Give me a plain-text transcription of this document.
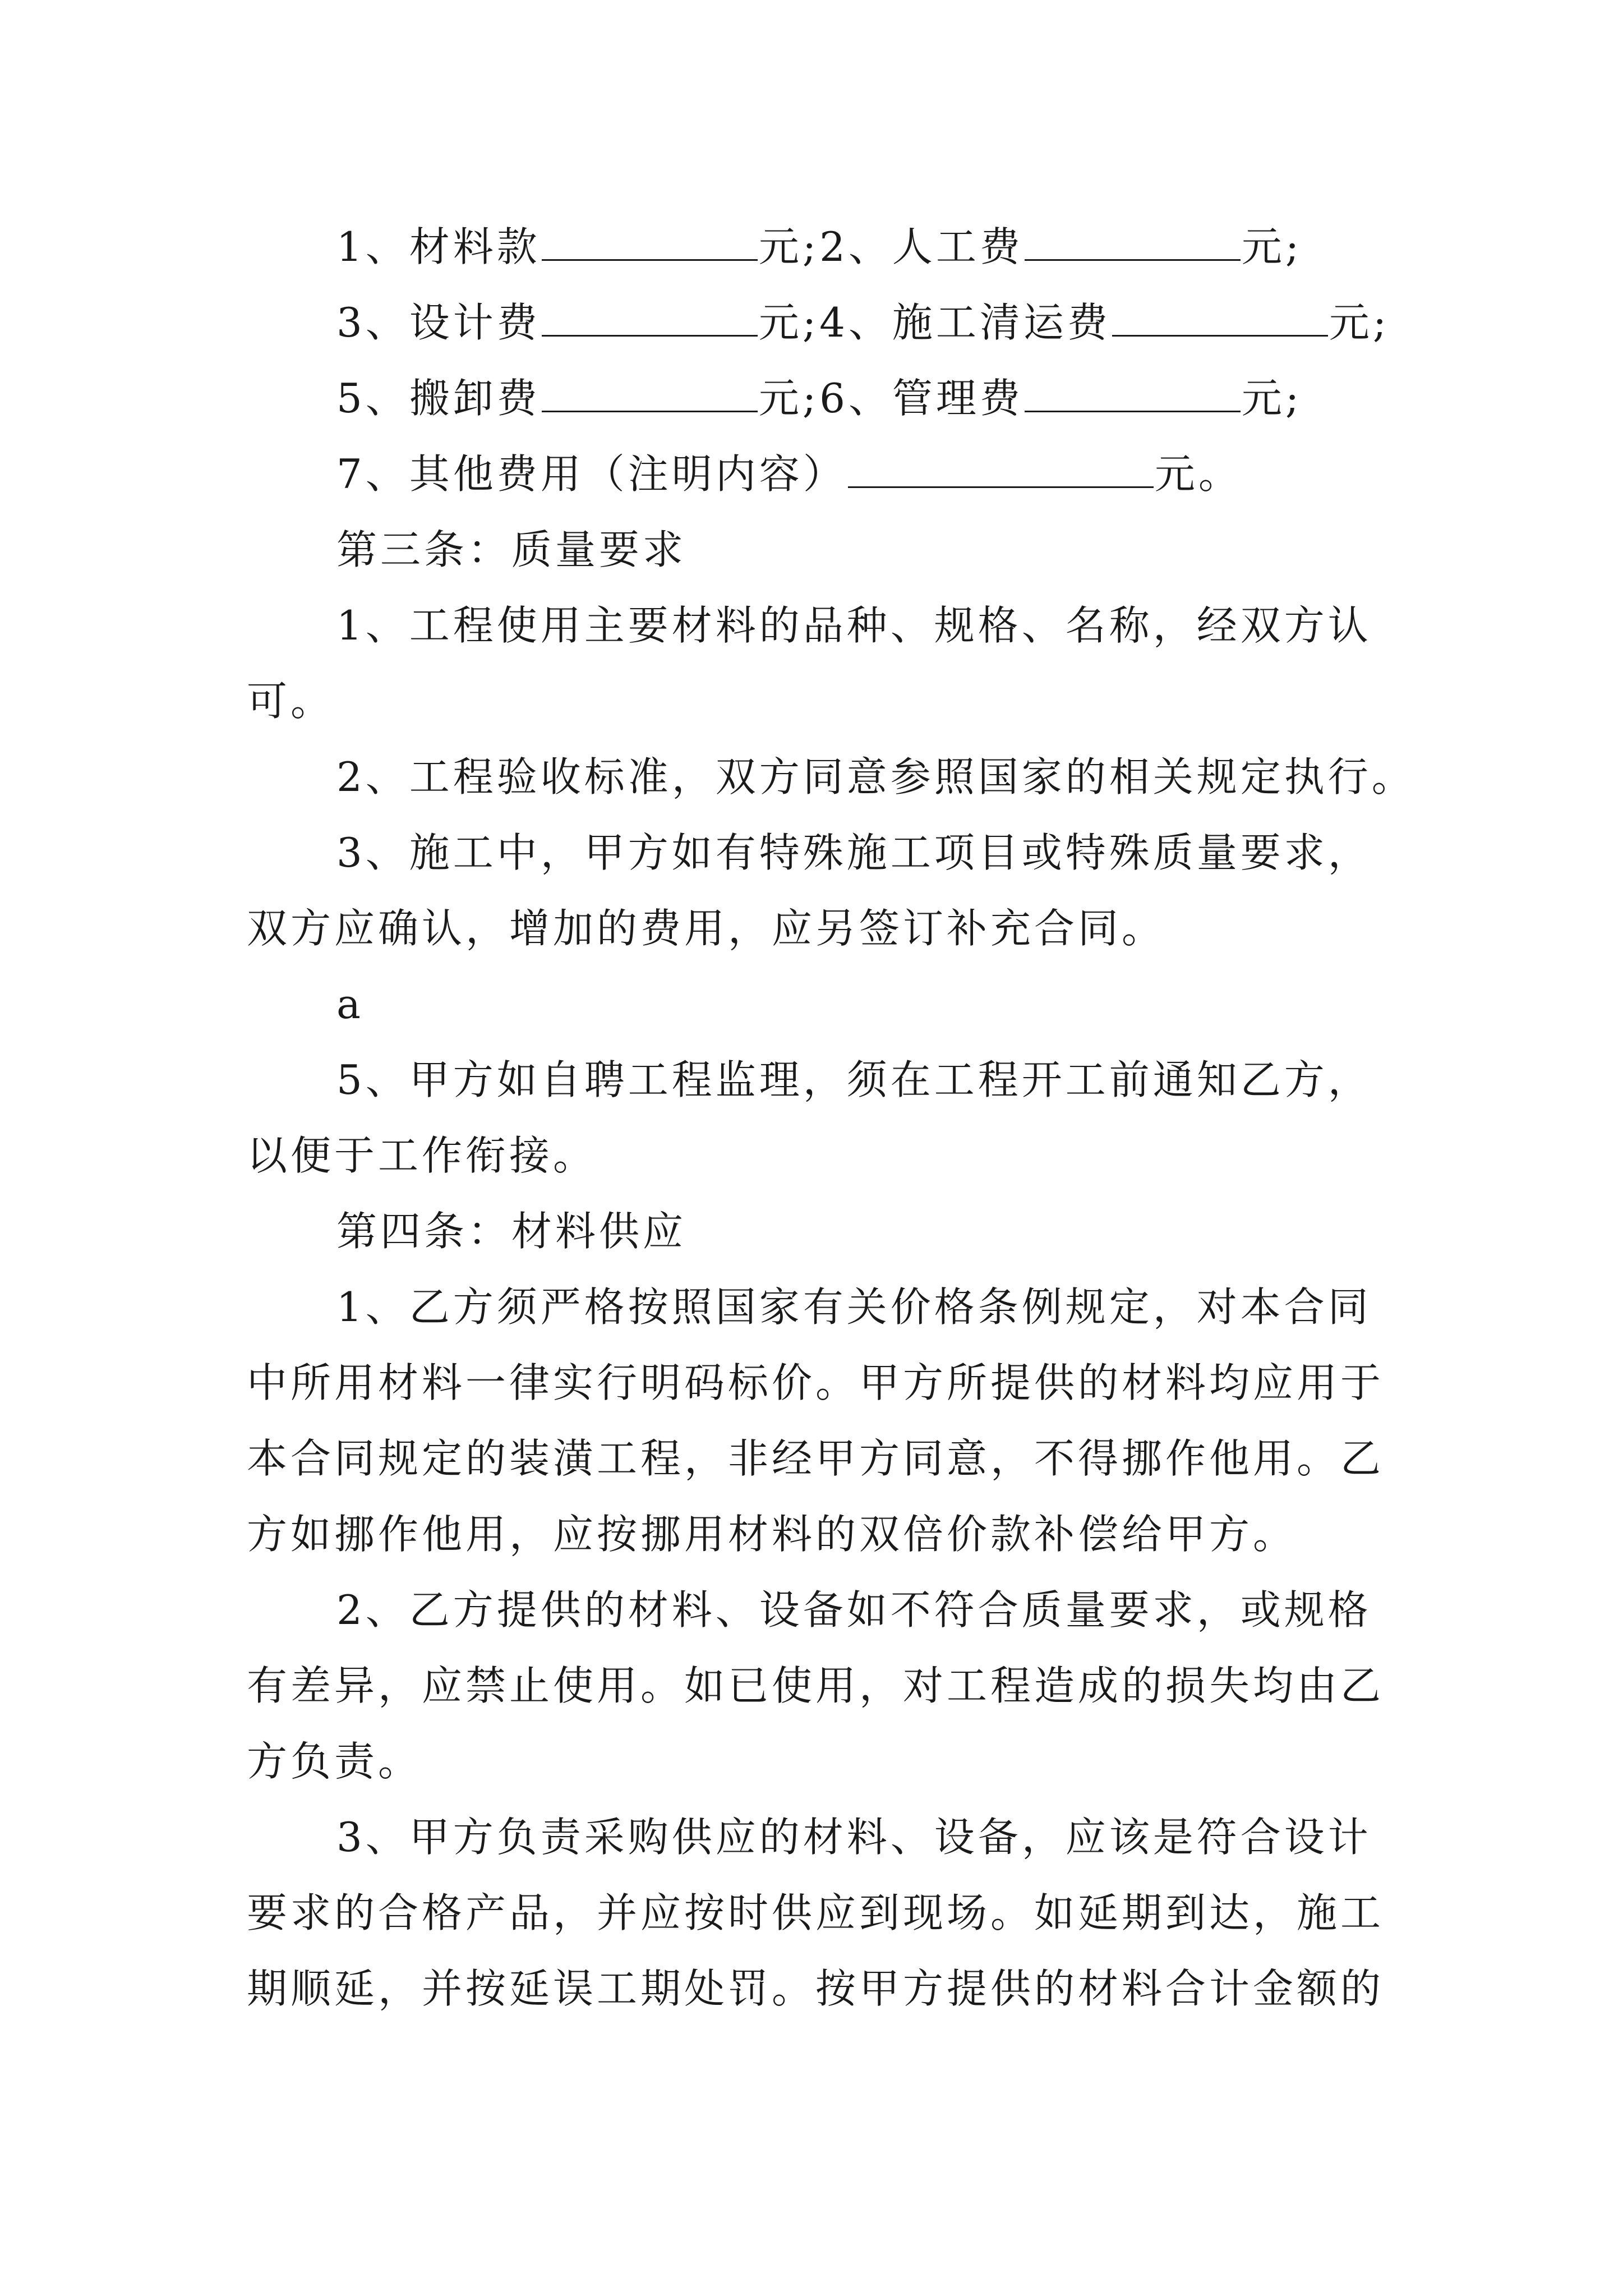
1、材料款	元;2、人工费	元;
3、设计费	元;4、施工清运费	元;
5、搬卸费	元;6、管理费	元;
7、其他费用（注明内容）	元。
第三条：质量要求
1、工程使用主要材料的品种、规格、名称，经双方认
可。
2、工程验收标准，双方同意参照国家的相关规定执行。
3、施工中，甲方如有特殊施工项目或特殊质量要求，
双方应确认，增加的费用，应另签订补充合同。
a
5、甲方如自聘工程监理，须在工程开工前通知乙方，
以便于工作衔接。
第四条：材料供应
1、乙方须严格按照国家有关价格条例规定，对本合同
中所用材料一律实行明码标价。甲方所提供的材料均应用于
本合同规定的装潢工程，非经甲方同意，不得挪作他用。乙
方如挪作他用，应按挪用材料的双倍价款补偿给甲方。
2、乙方提供的材料、设备如不符合质量要求，或规格
有差异，应禁止使用。如已使用，对工程造成的损失均由乙
方负责。
3、甲方负责采购供应的材料、设备，应该是符合设计
要求的合格产品，并应按时供应到现场。如延期到达，施工
期顺延，并按延误工期处罚。按甲方提供的材料合计金额的
